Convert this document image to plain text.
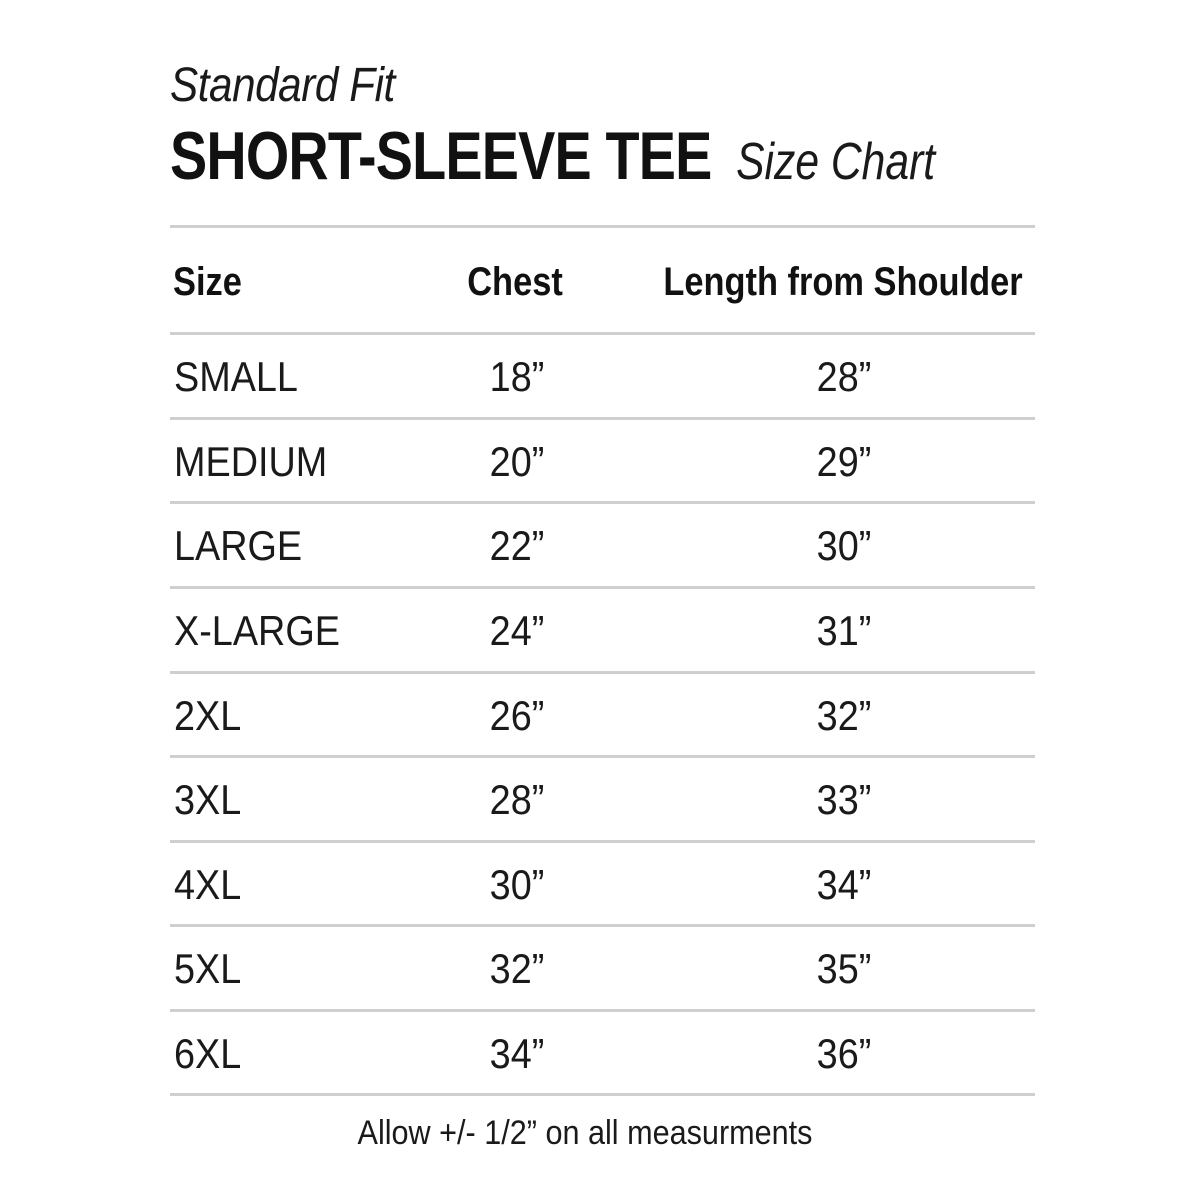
Standard Fit
SHORT-SLEEVE TEE Size Chart
Size	Chest	Length from Shoulder
SMALL	18”	28”
MEDIUM	20”	29”
LARGE	22”	30”
X-LARGE	24”	31”
2XL	26”	32”
3XL	28”	33”
4XL	30”	34”
5XL	32”	35”
6XL	34”	36”
Allow +/- 1/2” on all measurments
